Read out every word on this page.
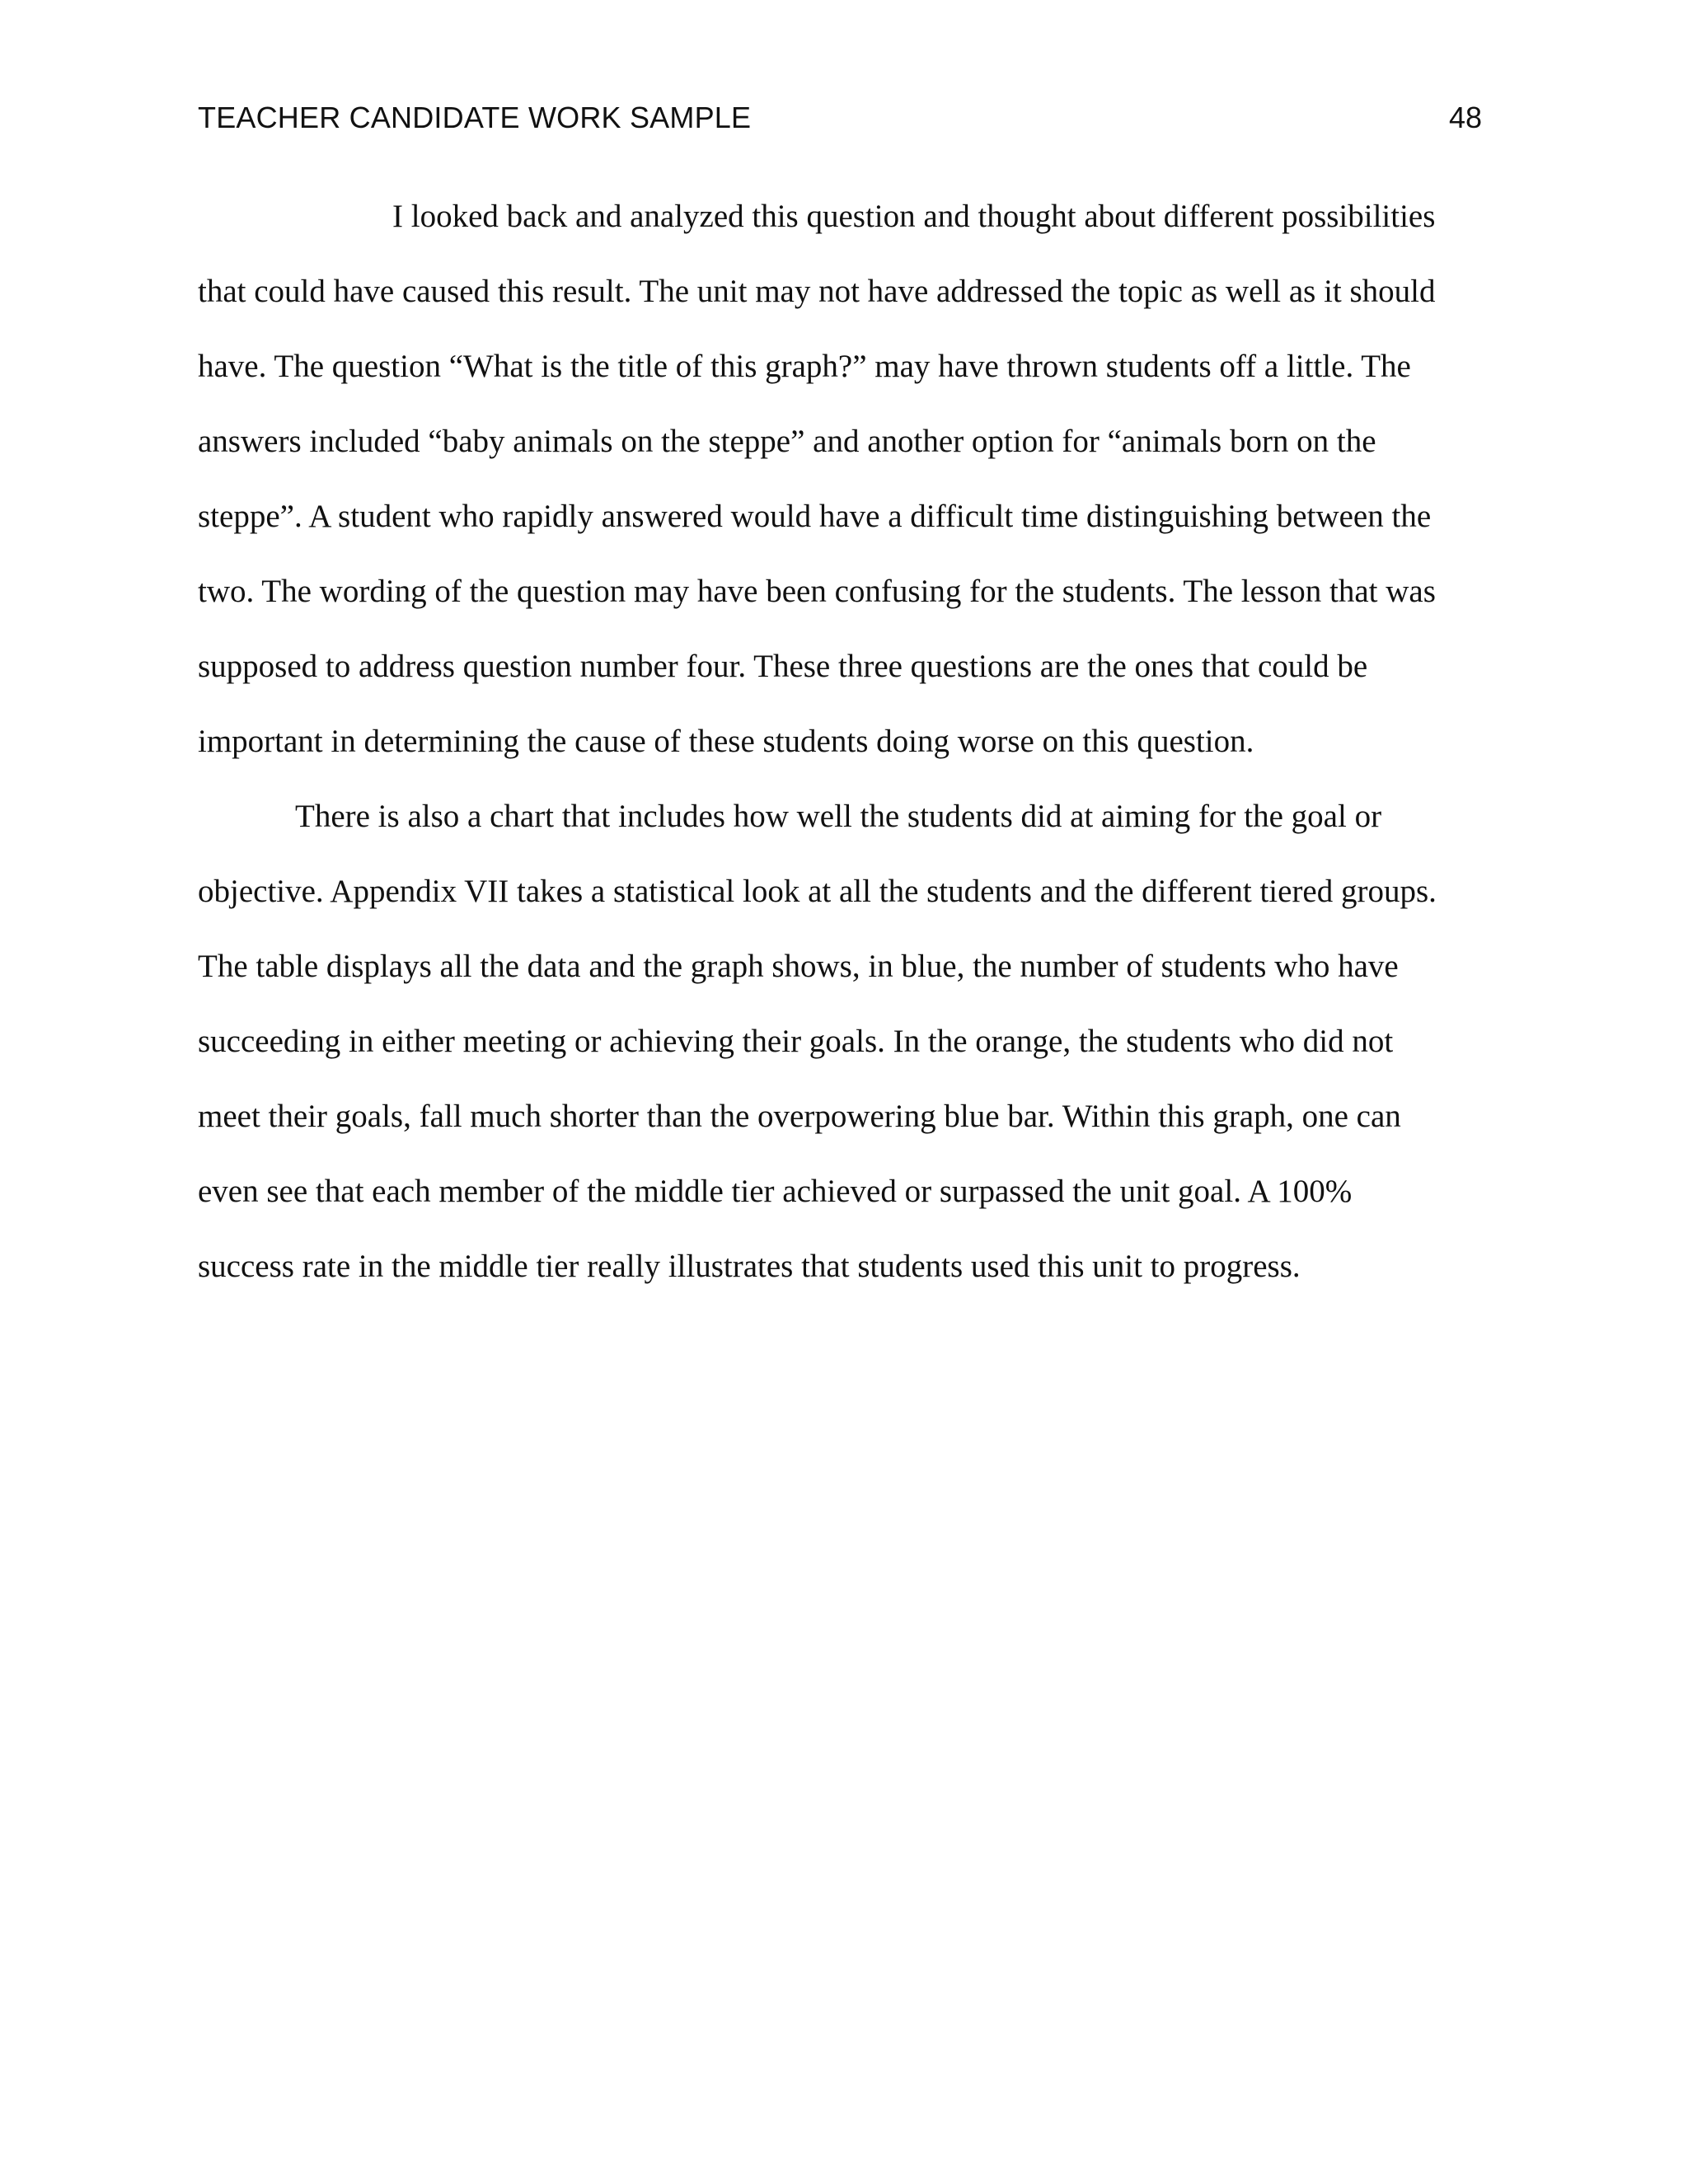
TEACHER CANDIDATE WORK SAMPLE	48
I looked back and analyzed this question and thought about different possibilities
that could have caused this result. The unit may not have addressed the topic as well as it should
have. The question “What is the title of this graph?” may have thrown students off a little. The
answers included “baby animals on the steppe” and another option for “animals born on the
steppe”. A student who rapidly answered would have a difficult time distinguishing between the
two. The wording of the question may have been confusing for the students. The lesson that was
supposed to address question number four. These three questions are the ones that could be
important in determining the cause of these students doing worse on this question.
There is also a chart that includes how well the students did at aiming for the goal or
objective. Appendix VII takes a statistical look at all the students and the different tiered groups.
The table displays all the data and the graph shows, in blue, the number of students who have
succeeding in either meeting or achieving their goals. In the orange, the students who did not
meet their goals, fall much shorter than the overpowering blue bar. Within this graph, one can
even see that each member of the middle tier achieved or surpassed the unit goal. A 100%
success rate in the middle tier really illustrates that students used this unit to progress.
